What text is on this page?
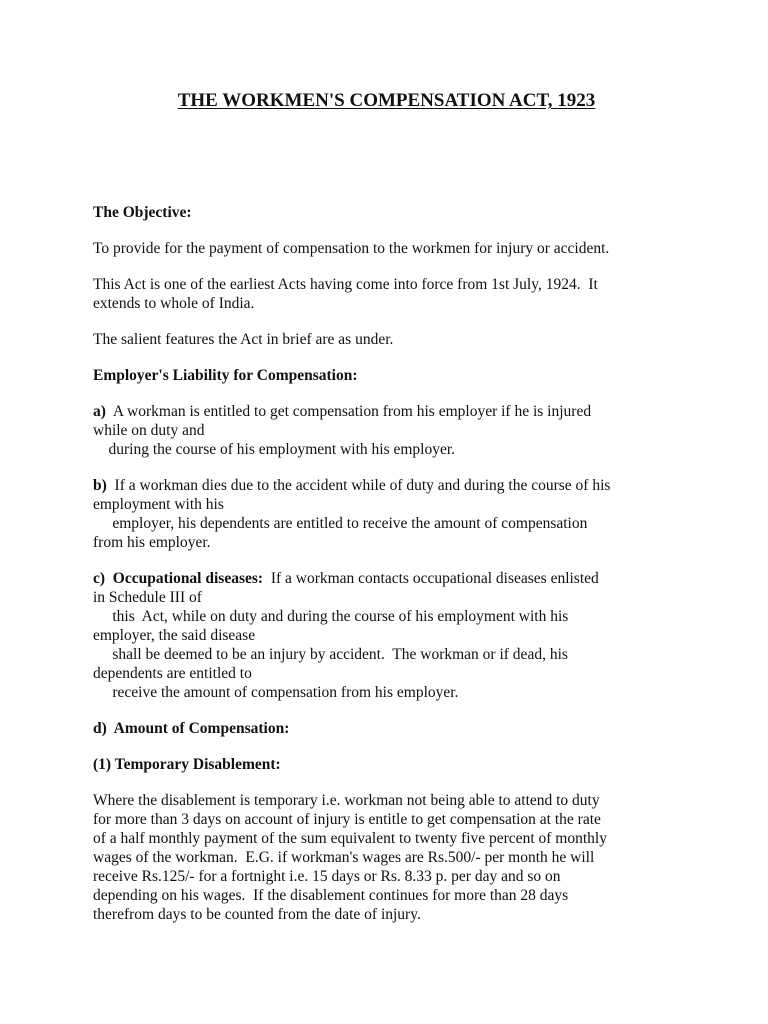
THE WORKMEN'S COMPENSATION ACT, 1923
The Objective:
To provide for the payment of compensation to the workmen for injury or accident.
This Act is one of the earliest Acts having come into force from 1st July, 1924.  It
extends to whole of India.
The salient features the Act in brief are as under.
Employer's Liability for Compensation:
a)  A workman is entitled to get compensation from his employer if he is injured
while on duty and
during the course of his employment with his employer.
b)  If a workman dies due to the accident while of duty and during the course of his
employment with his
employer, his dependents are entitled to receive the amount of compensation
from his employer.
c)  Occupational diseases:  If a workman contacts occupational diseases enlisted
in Schedule III of
this  Act, while on duty and during the course of his employment with his
employer, the said disease
shall be deemed to be an injury by accident.  The workman or if dead, his
dependents are entitled to
receive the amount of compensation from his employer.
d)  Amount of Compensation:
(1) Temporary Disablement:
Where the disablement is temporary i.e. workman not being able to attend to duty
for more than 3 days on account of injury is entitle to get compensation at the rate
of a half monthly payment of the sum equivalent to twenty five percent of monthly
wages of the workman.  E.G. if workman's wages are Rs.500/- per month he will
receive Rs.125/- for a fortnight i.e. 15 days or Rs. 8.33 p. per day and so on
depending on his wages.  If the disablement continues for more than 28 days
therefrom days to be counted from the date of injury.
